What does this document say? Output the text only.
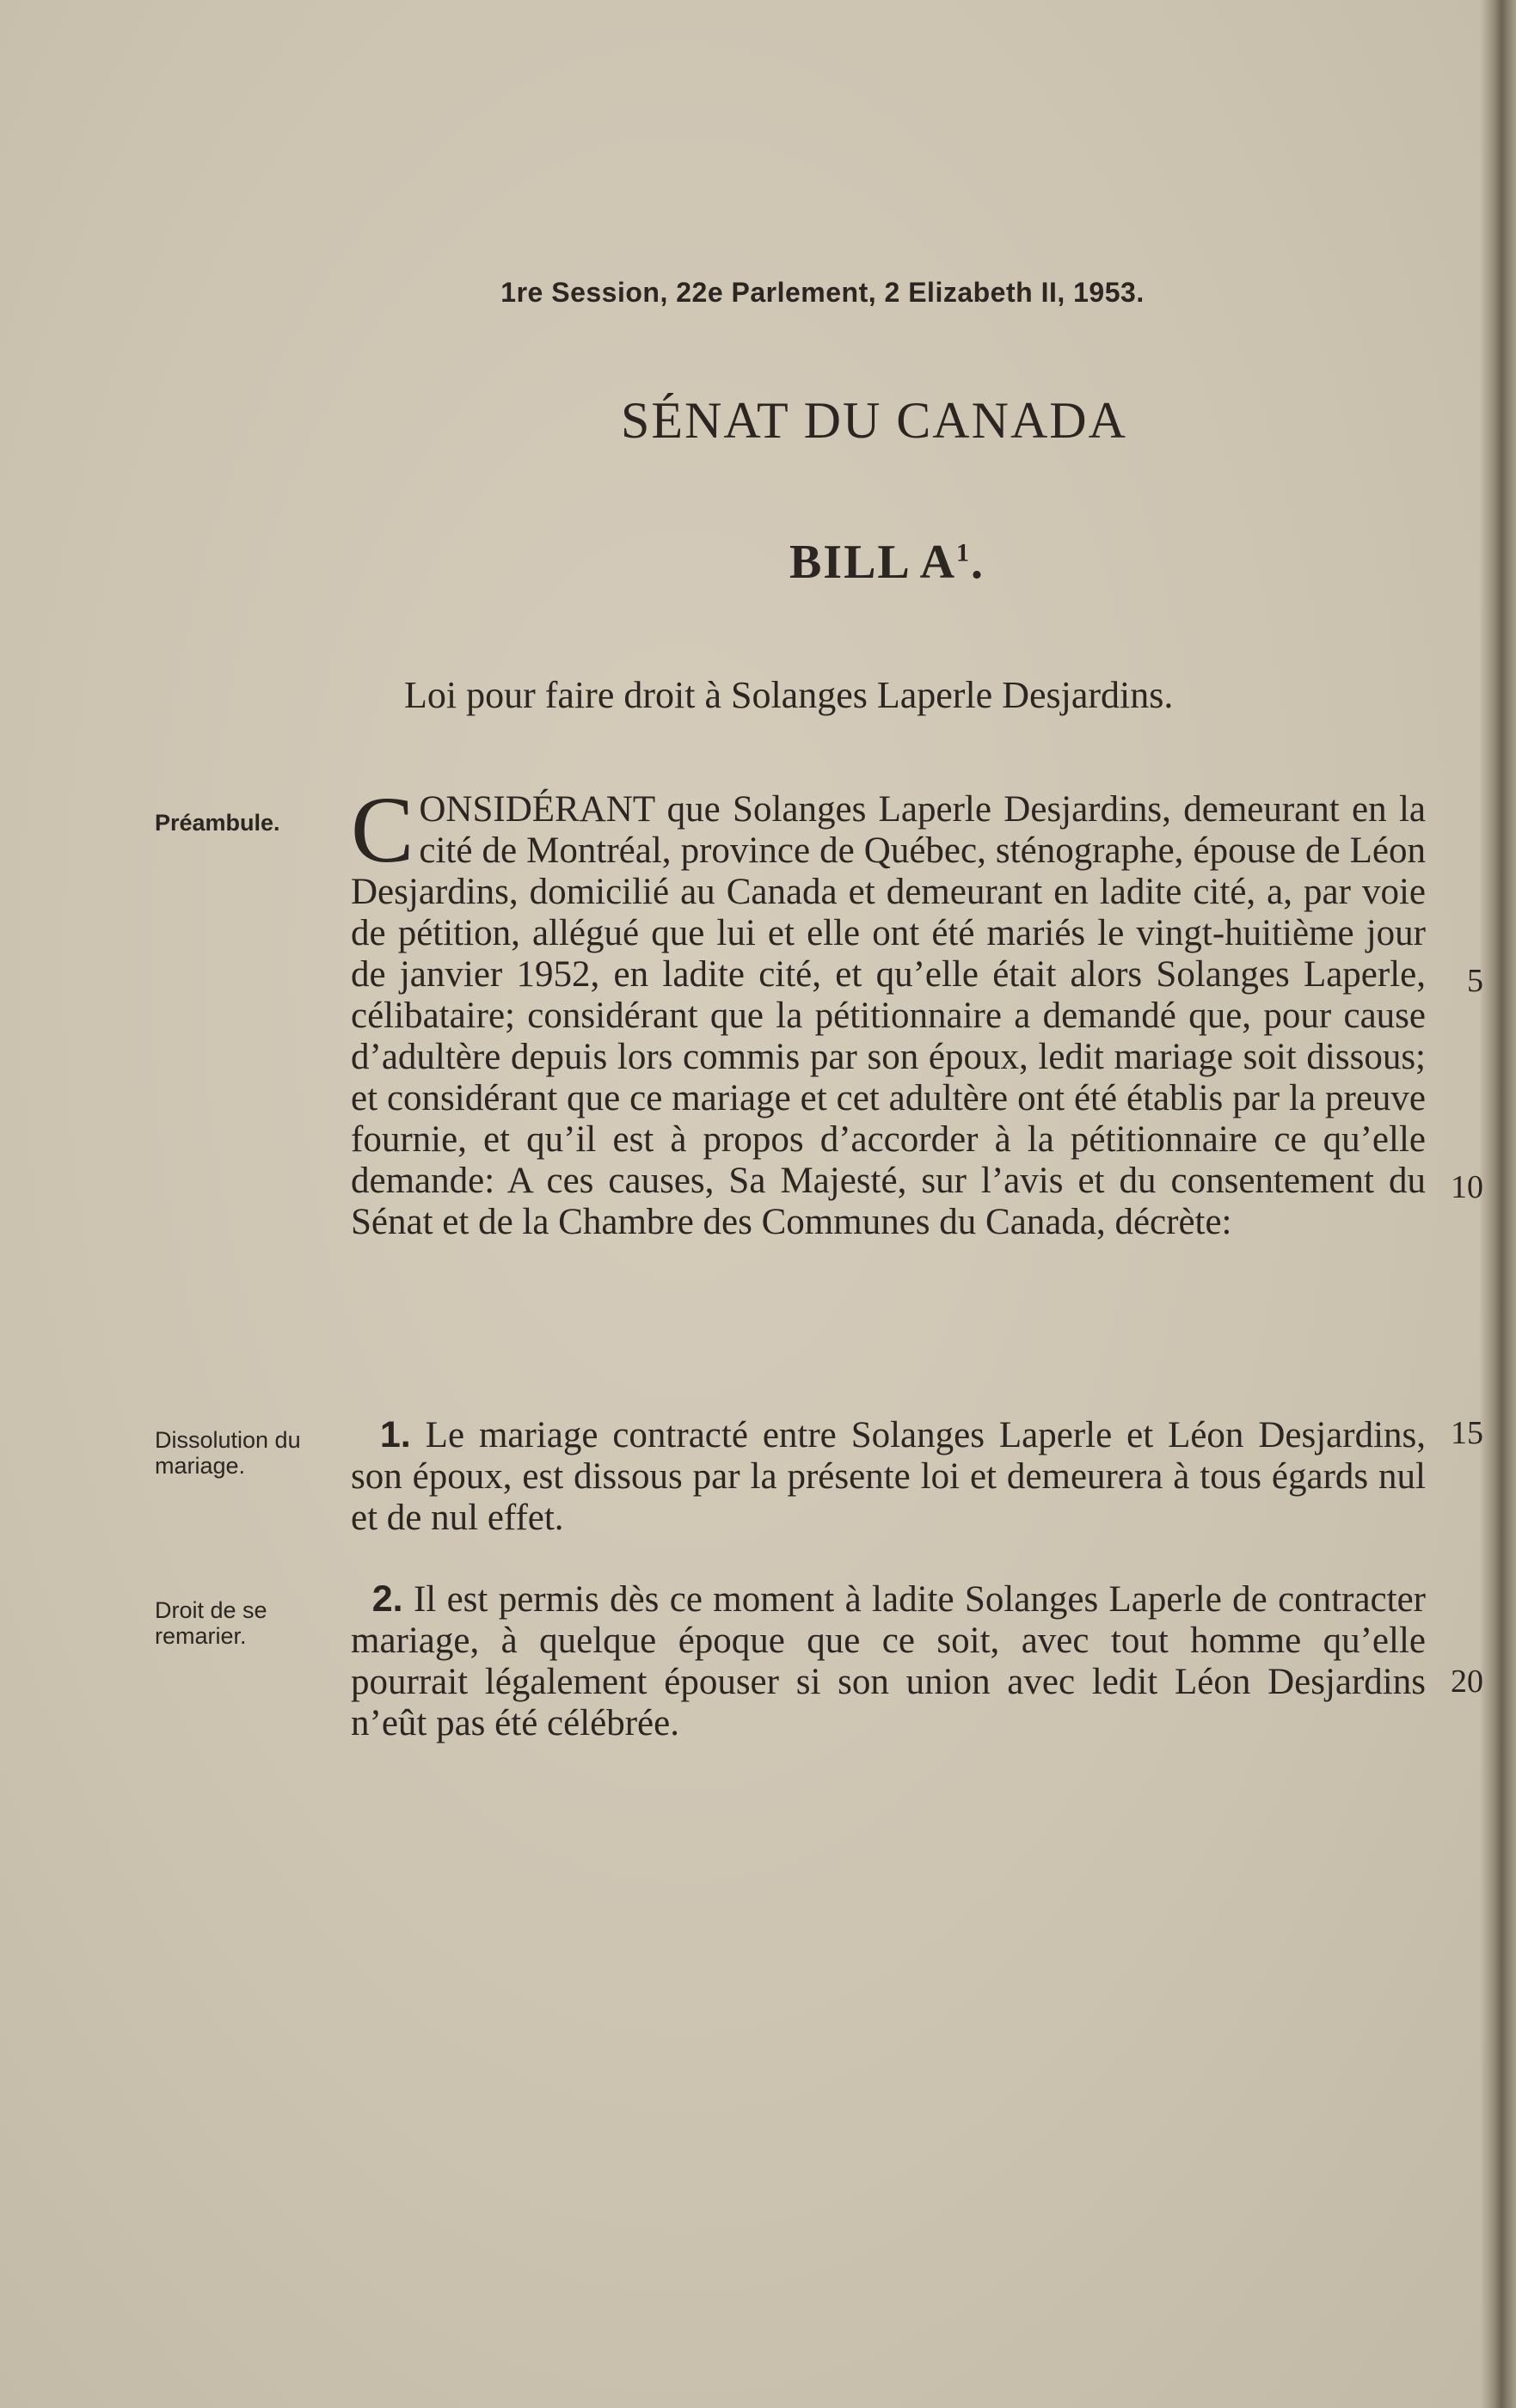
1re Session, 22e Parlement, 2 Elizabeth II, 1953.
SÉNAT DU CANADA
BILL $A^1$.
Loi pour faire droit à Solanges Laperle Desjardins.
Préambule.
Dissolution du mariage.
Droit de se remarier.

CONSIDÉRANT que Solanges Laperle Desjardins, demeurant en la cité de Montréal, province de Québec, sténographe, épouse de Léon Desjardins, domicilié au Canada et demeurant en ladite cité, a, par voie de pétition, allégué que lui et elle ont été mariés le vingt-huitième jour de janvier 1952, en ladite cité, et qu’elle était alors Solanges Laperle, célibataire; considérant que la pétitionnaire a demandé que, pour cause d’adultère depuis lors commis par son époux, ledit mariage soit dissous; et considérant que ce mariage et cet adultère ont été établis par la preuve fournie, et qu’il est à propos d’accorder à la pétitionnaire ce qu’elle demande: A ces causes, Sa Majesté, sur l’avis et du consentement du Sénat et de la Chambre des Communes du Canada, décrète:

1. Le mariage contracté entre Solanges Laperle et Léon Desjardins, son époux, est dissous par la présente loi et demeurera à tous égards nul et de nul effet.

2. Il est permis dès ce moment à ladite Solanges Laperle de contracter mariage, à quelque époque que ce soit, avec tout homme qu’elle pourrait légalement épouser si son union avec ledit Léon Desjardins n’eût pas été célébrée.

5
10
15
20
